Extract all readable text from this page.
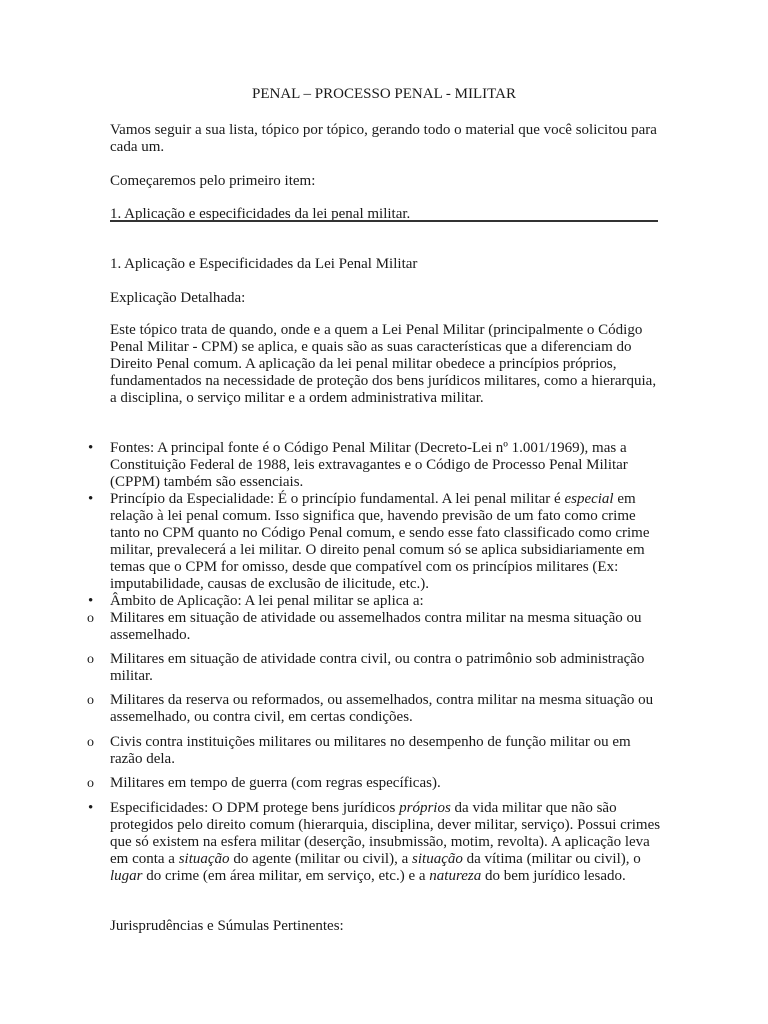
PENAL – PROCESSO PENAL - MILITAR
Vamos seguir a sua lista, tópico por tópico, gerando todo o material que você solicitou para cada um.
Começaremos pelo primeiro item:
1. Aplicação e especificidades da lei penal militar.
1. Aplicação e Especificidades da Lei Penal Militar
Explicação Detalhada:
Este tópico trata de quando, onde e a quem a Lei Penal Militar (principalmente o Código Penal Militar - CPM) se aplica, e quais são as suas características que a diferenciam do Direito Penal comum. A aplicação da lei penal militar obedece a princípios próprios, fundamentados na necessidade de proteção dos bens jurídicos militares, como a hierarquia, a disciplina, o serviço militar e a ordem administrativa militar.
• Fontes: A principal fonte é o Código Penal Militar (Decreto-Lei nº 1.001/1969), mas a Constituição Federal de 1988, leis extravagantes e o Código de Processo Penal Militar (CPPM) também são essenciais.
• Princípio da Especialidade: É o princípio fundamental. A lei penal militar é especial em relação à lei penal comum. Isso significa que, havendo previsão de um fato como crime tanto no CPM quanto no Código Penal comum, e sendo esse fato classificado como crime militar, prevalecerá a lei militar. O direito penal comum só se aplica subsidiariamente em temas que o CPM for omisso, desde que compatível com os princípios militares (Ex: imputabilidade, causas de exclusão de ilicitude, etc.).
• Âmbito de Aplicação: A lei penal militar se aplica a:
o Militares em situação de atividade ou assemelhados contra militar na mesma situação ou assemelhado.
o Militares em situação de atividade contra civil, ou contra o patrimônio sob administração militar.
o Militares da reserva ou reformados, ou assemelhados, contra militar na mesma situação ou assemelhado, ou contra civil, em certas condições.
o Civis contra instituições militares ou militares no desempenho de função militar ou em razão dela.
o Militares em tempo de guerra (com regras específicas).
• Especificidades: O DPM protege bens jurídicos próprios da vida militar que não são protegidos pelo direito comum (hierarquia, disciplina, dever militar, serviço). Possui crimes que só existem na esfera militar (deserção, insubmissão, motim, revolta). A aplicação leva em conta a situação do agente (militar ou civil), a situação da vítima (militar ou civil), o lugar do crime (em área militar, em serviço, etc.) e a natureza do bem jurídico lesado.
Jurisprudências e Súmulas Pertinentes:
